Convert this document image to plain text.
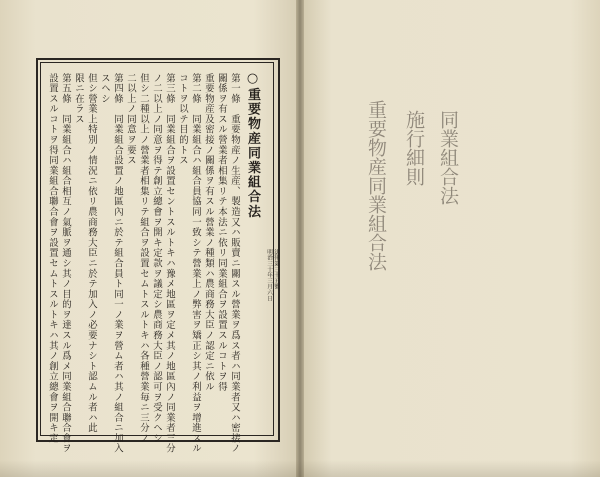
○重要物産同業組合法
明治三十年三月六日 法律第三十五號
第一條　重要物産ノ生産、製造又ハ販賣ニ關スル營業ヲ爲ス者ハ同業者又ハ密接ノ
關係ヲ有スル營業者相集リテ本法ニ依リ同業組合ヲ設置スルコトヲ得
重要物産及密接ノ關係ヲ有スル營業ノ種類ハ農商務大臣ノ認定ニ依ル
第二條　同業組合ハ組合員協同一致シテ營業上ノ弊害ヲ矯正シ其ノ利益ヲ增進スル
コトヲ以テ目的トス
第三條　同業組合ヲ設置セントスルトキハ豫メ地區ヲ定メ其ノ地區內ノ同業者三分
ノ二以上ノ同意ヲ得テ創立總會ヲ開キ定款ヲ議定シ農商務大臣ノ認可ヲ受クヘシ
但シ二種以上ノ營業者相集リテ組合ヲ設置セムトスルトキハ各種營業毎ニ三分ノ
二以上ノ同意ヲ要ス
第四條　同業組合設置ノ地區內ニ於テ組合員ト同一ノ業ヲ營ム者ハ其ノ組合ニ加入
スヘシ
但シ營業上特別ノ情況ニ依リ農商務大臣ニ於テ加入ノ必要ナシト認ムル者ハ此
限ニ在ラス
第五條　同業組合ハ組合相互ノ氣脈ヲ通シ其ノ目的ヲ達スル爲メ同業組合聯合會ヲ
設置スルコトヲ得同業組合聯合會ヲ設置セムトスルトキハ其ノ創立總會ヲ開キ定	同業組合法
施行細則
重要物産同業組合法
